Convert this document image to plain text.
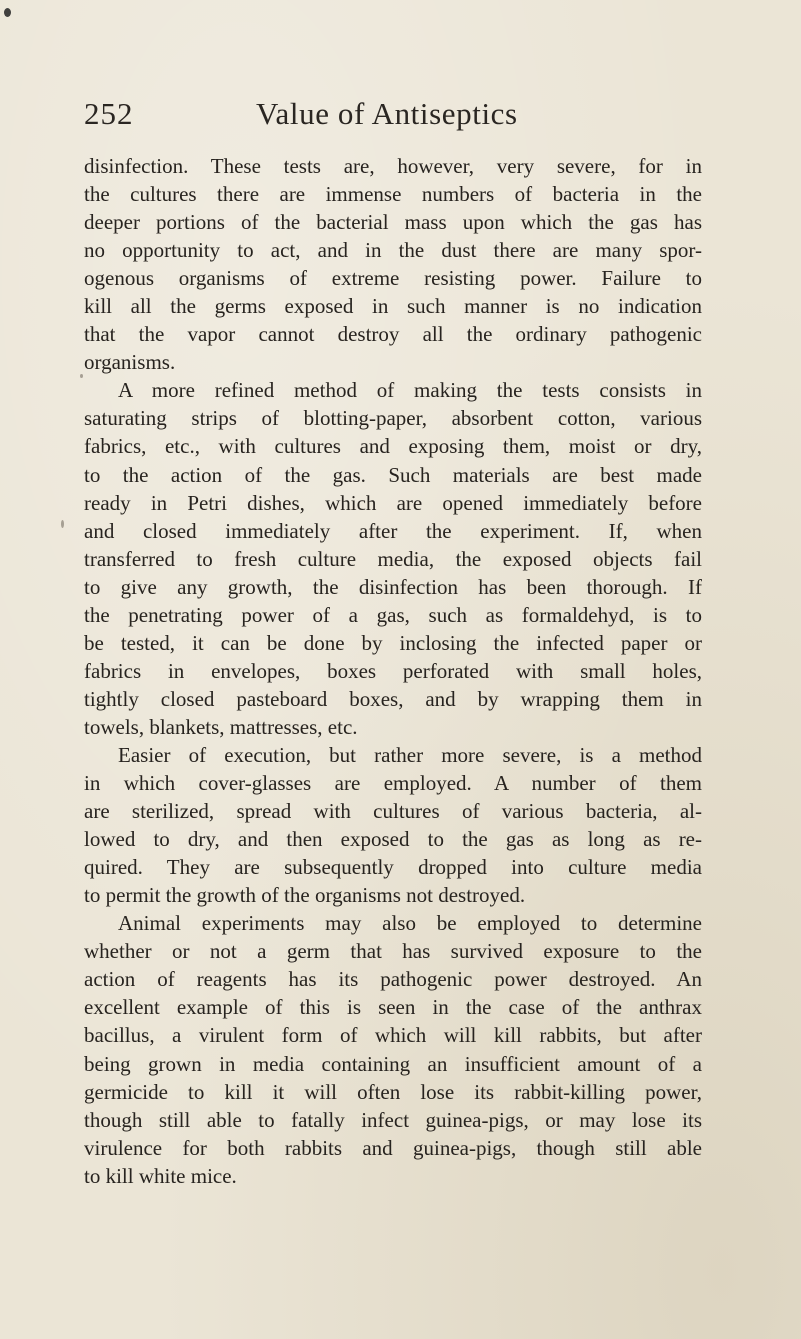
252	Value of Antiseptics
disinfection. These tests are, however, very severe, for in
the cultures there are immense numbers of bacteria in the
deeper portions of the bacterial mass upon which the gas has
no opportunity to act, and in the dust there are many spor-
ogenous organisms of extreme resisting power. Failure to
kill all the germs exposed in such manner is no indication
that the vapor cannot destroy all the ordinary pathogenic
organisms.
A more refined method of making the tests consists in
saturating strips of blotting-paper, absorbent cotton, various
fabrics, etc., with cultures and exposing them, moist or dry,
to the action of the gas. Such materials are best made
ready in Petri dishes, which are opened immediately before
and closed immediately after the experiment. If, when
transferred to fresh culture media, the exposed objects fail
to give any growth, the disinfection has been thorough. If
the penetrating power of a gas, such as formaldehyd, is to
be tested, it can be done by inclosing the infected paper or
fabrics in envelopes, boxes perforated with small holes,
tightly closed pasteboard boxes, and by wrapping them in
towels, blankets, mattresses, etc.
Easier of execution, but rather more severe, is a method
in which cover-glasses are employed. A number of them
are sterilized, spread with cultures of various bacteria, al-
lowed to dry, and then exposed to the gas as long as re-
quired. They are subsequently dropped into culture media
to permit the growth of the organisms not destroyed.
Animal experiments may also be employed to determine
whether or not a germ that has survived exposure to the
action of reagents has its pathogenic power destroyed. An
excellent example of this is seen in the case of the anthrax
bacillus, a virulent form of which will kill rabbits, but after
being grown in media containing an insufficient amount of a
germicide to kill it will often lose its rabbit-killing power,
though still able to fatally infect guinea-pigs, or may lose its
virulence for both rabbits and guinea-pigs, though still able
to kill white mice.
